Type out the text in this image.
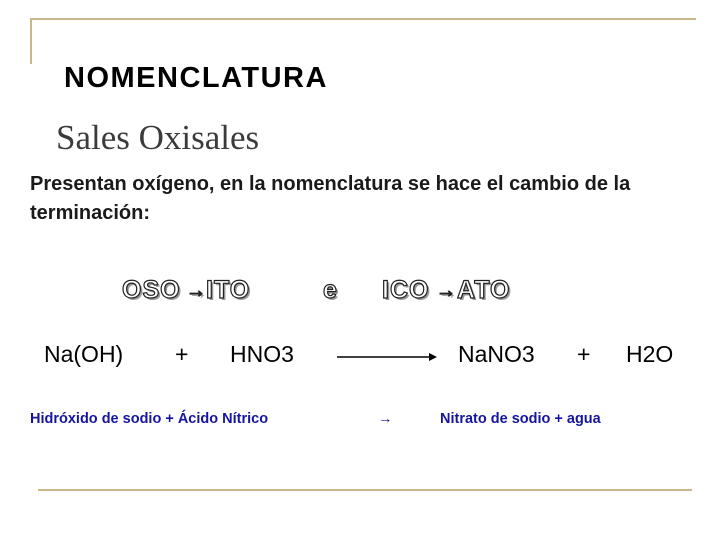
NOMENCLATURA
Sales Oxisales

Presentan oxígeno, en la nomenclatura se hace el cambio de la terminación:

OSO → ITO	e ICO → ATO
Na(OH) + HNO3	NaNO3 + H2O
Hidróxido de sodio + Ácido Nítrico	→	Nitrato de sodio + agua
